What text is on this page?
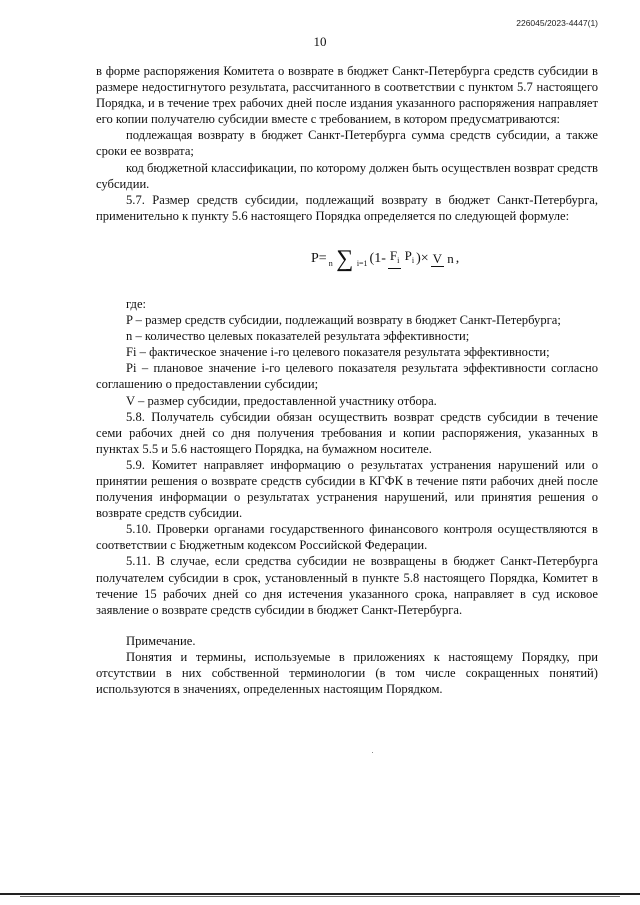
226045/2023-4447(1)
10

в форме распоряжения Комитета о возврате в бюджет Санкт-Петербурга средств субсидии в размере недостигнутого результата, рассчитанного в соответствии с пунктом 5.7 настоящего Порядка, и в течение трех рабочих дней после издания указанного распоряжения направляет его копии получателю субсидии вместе с требованием, в котором предусматриваются:

подлежащая возврату в бюджет Санкт-Петербурга сумма средств субсидии, а также сроки ее возврата;

код бюджетной классификации, по которому должен быть осуществлен возврат средств субсидии.

5.7. Размер средств субсидии, подлежащий возврату в бюджет Санкт-Петербурга, применительно к пункту 5.6 настоящего Порядка определяется по следующей формуле:

P = n ∑ i=1 (1- Fi Pi )× V n ,

где:

P – размер средств субсидии, подлежащий возврату в бюджет Санкт-Петербурга;

n – количество целевых показателей результата эффективности;

Fi – фактическое значение i-го целевого показателя результата эффективности;

Pi – плановое значение i-го целевого показателя результата эффективности согласно соглашению о предоставлении субсидии;

V – размер субсидии, предоставленной участнику отбора.

5.8. Получатель субсидии обязан осуществить возврат средств субсидии в течение семи рабочих дней со дня получения требования и копии распоряжения, указанных в пунктах 5.5 и 5.6 настоящего Порядка, на бумажном носителе.

5.9. Комитет направляет информацию о результатах устранения нарушений или о принятии решения о возврате средств субсидии в КГФК в течение пяти рабочих дней после получения информации о результатах устранения нарушений, или принятия решения о возврате средств субсидии.

5.10. Проверки органами государственного финансового контроля осуществляются в соответствии с Бюджетным кодексом Российской Федерации.

5.11. В случае, если средства субсидии не возвращены в бюджет Санкт-Петербурга получателем субсидии в срок, установленный в пункте 5.8 настоящего Порядка, Комитет в течение 15 рабочих дней со дня истечения указанного срока, направляет в суд исковое заявление о возврате средств субсидии в бюджет Санкт-Петербурга.

Примечание.

Понятия и термины, используемые в приложениях к настоящему Порядку, при отсутствии в них собственной терминологии (в том числе сокращенных понятий) используются в значениях, определенных настоящим Порядком.
